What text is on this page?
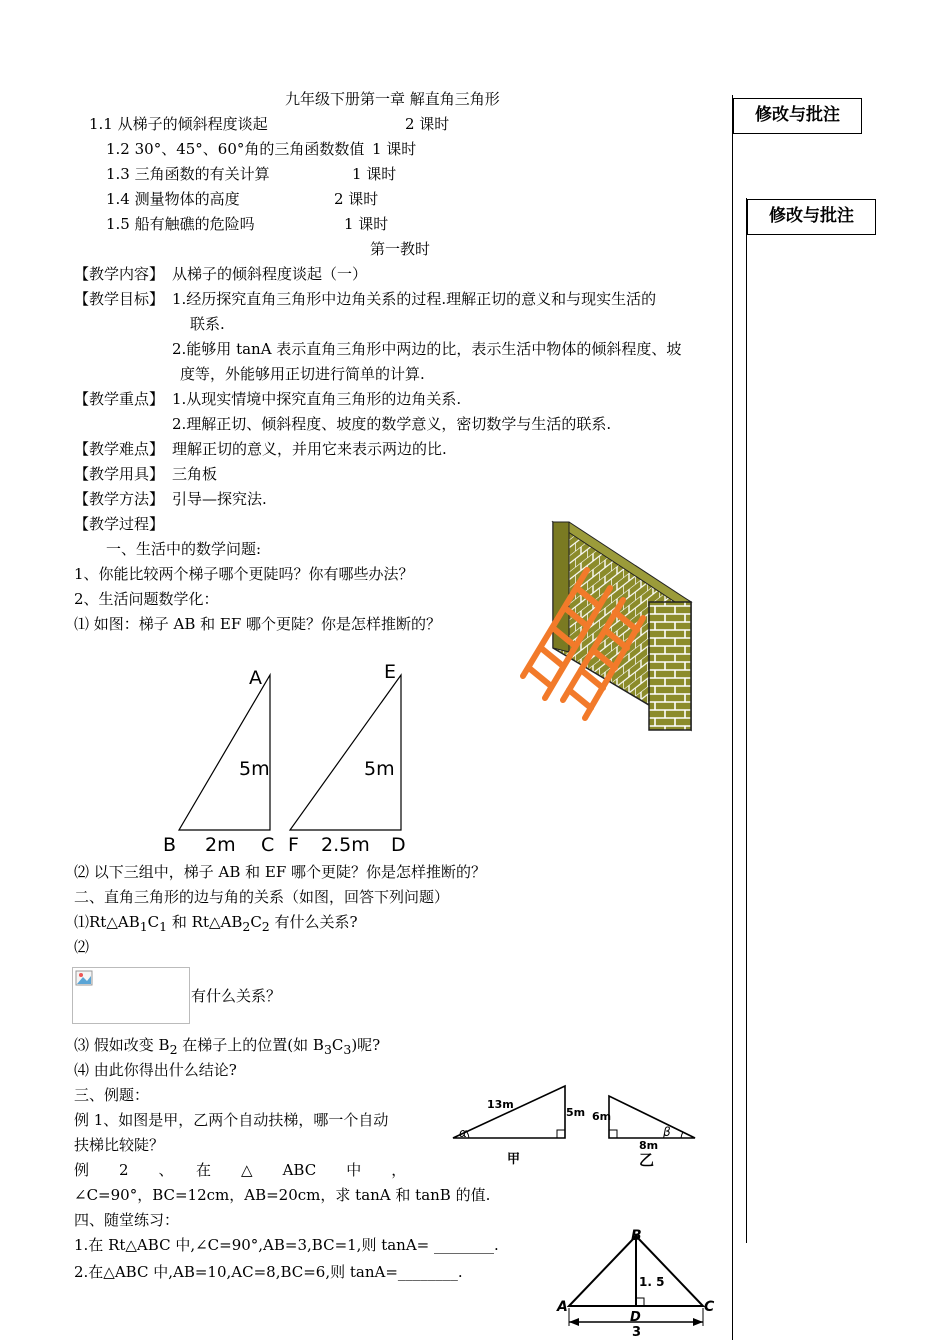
修改与批注
修改与批注
九年级下册第一章 解直角三角形
1.1 从梯子的倾斜程度谈起	2 课时
1.2 30°、45°、60°角的三角函数数值 1 课时
1.3 三角函数的有关计算	1 课时
1.4 测量物体的高度	2 课时
1.5 船有触礁的危险吗	1 课时
第一教时
【教学内容】 从梯子的倾斜程度谈起（一）
【教学目标】 1.经历探究直角三角形中边角关系的过程.理解正切的意义和与现实生活的
联系.
2.能够用 tanA 表示直角三角形中两边的比，表示生活中物体的倾斜程度、坡
度等，外能够用正切进行简单的计算.
【教学重点】 1.从现实情境中探究直角三角形的边角关系.
2.理解正切、倾斜程度、坡度的数学意义，密切数学与生活的联系.
【教学难点】 理解正切的意义，并用它来表示两边的比.
【教学用具】 三角板
【教学方法】 引导—探究法.
【教学过程】
一、生活中的数学问题:
1、你能比较两个梯子哪个更陡吗？你有哪些办法？
2、生活问题数学化：
⑴ 如图：梯子 AB 和 EF 哪个更陡？你是怎样推断的？
A
B	C
5m
2m
E
F	D
5m
2.5m
⑵ 以下三组中，梯子 AB 和 EF 哪个更陡？你是怎样推断的？
二、直角三角形的边与角的关系（如图，回答下列问题）
$⑴Rt\triangle AB_1C_1$ 和 $Rt\triangle AB_2C_2$ 有什么关系?
⑵
有什么关系？
⑶ 假如改变 $B_2$ 在梯子上的位置(如 $B_3C_3$)呢?
⑷ 由此你得出什么结论?
三、例题：
例 1、如图是甲，乙两个自动扶梯，哪一个自动
扶梯比较陡？
例　　2　　、　　在　　△　　ABC　　中　　，
∠C=90°，BC=12cm，AB=20cm，求 tanA 和 tanB 的值.
13m
5m
α
甲
6m
8m
β
乙
四、随堂练习：
1.在 Rt△ABC 中,∠C=90°,AB=3,BC=1,则 tanA= ________.
2.在△ABC 中,AB=10,AC=8,BC=6,则 tanA=________.
B
A	C
D
1. 5
3
